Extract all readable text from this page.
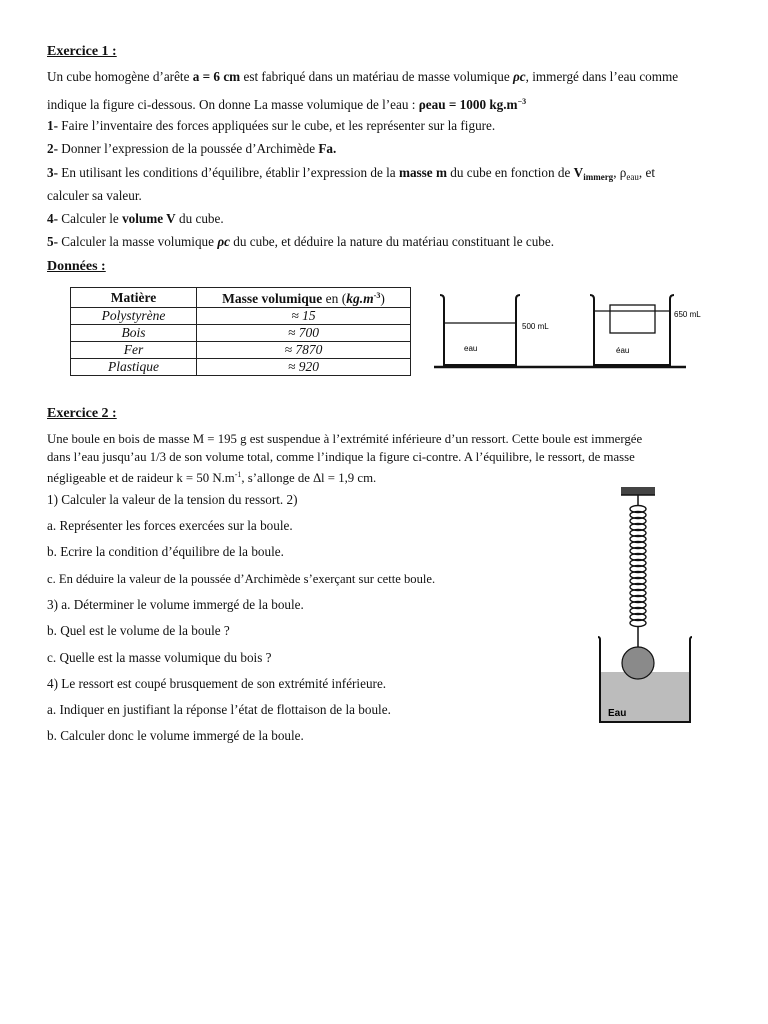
Exercice 1 :
Un cube homogène d’arête a = 6 cm est fabriqué dans un matériau de masse volumique ρc, immergé dans l’eau comme
indique la figure ci-dessous. On donne La masse volumique de l’eau : ρeau = 1000 $kg.m^{-3}$
1- Faire l’inventaire des forces appliquées sur le cube, et les représenter sur la figure.
2- Donner l’expression de la poussée d’Archimède Fa.
3- En utilisant les conditions d’équilibre, établir l’expression de la masse m du cube en fonction de $V_{immerg}$, $\rho_{eau}$, et
calculer sa valeur.
4- Calculer le volume V du cube.
5- Calculer la masse volumique ρc du cube, et déduire la nature du matériau constituant le cube.
Données :
Matière	Masse volumique en $(kg.m^{-3})$
Polystyrène	≈ 15
Bois	≈ 700
Fer	≈ 7870
Plastique	≈ 920
eau
500 mL
éau
650 mL
Exercice 2 :
Une boule en bois de masse M = 195 g est suspendue à l’extrémité inférieure d’un ressort. Cette boule est immergée
dans l’eau jusqu’au 1/3 de son volume total, comme l’indique la figure ci-contre. A l’équilibre, le ressort, de masse
négligeable et de raideur k = 50 $N.m^{-1}$, s’allonge de ∆l = 1,9 cm.
1) Calculer la valeur de la tension du ressort. 2)
a. Représenter les forces exercées sur la boule.
b. Ecrire la condition d’équilibre de la boule.
c. En déduire la valeur de la poussée d’Archimède s’exerçant sur cette boule.
3) a. Déterminer le volume immergé de la boule.
b. Quel est le volume de la boule ?
c. Quelle est la masse volumique du bois ?
4) Le ressort est coupé brusquement de son extrémité inférieure.
a. Indiquer en justifiant la réponse l’état de flottaison de la boule.
b. Calculer donc le volume immergé de la boule.
Eau
